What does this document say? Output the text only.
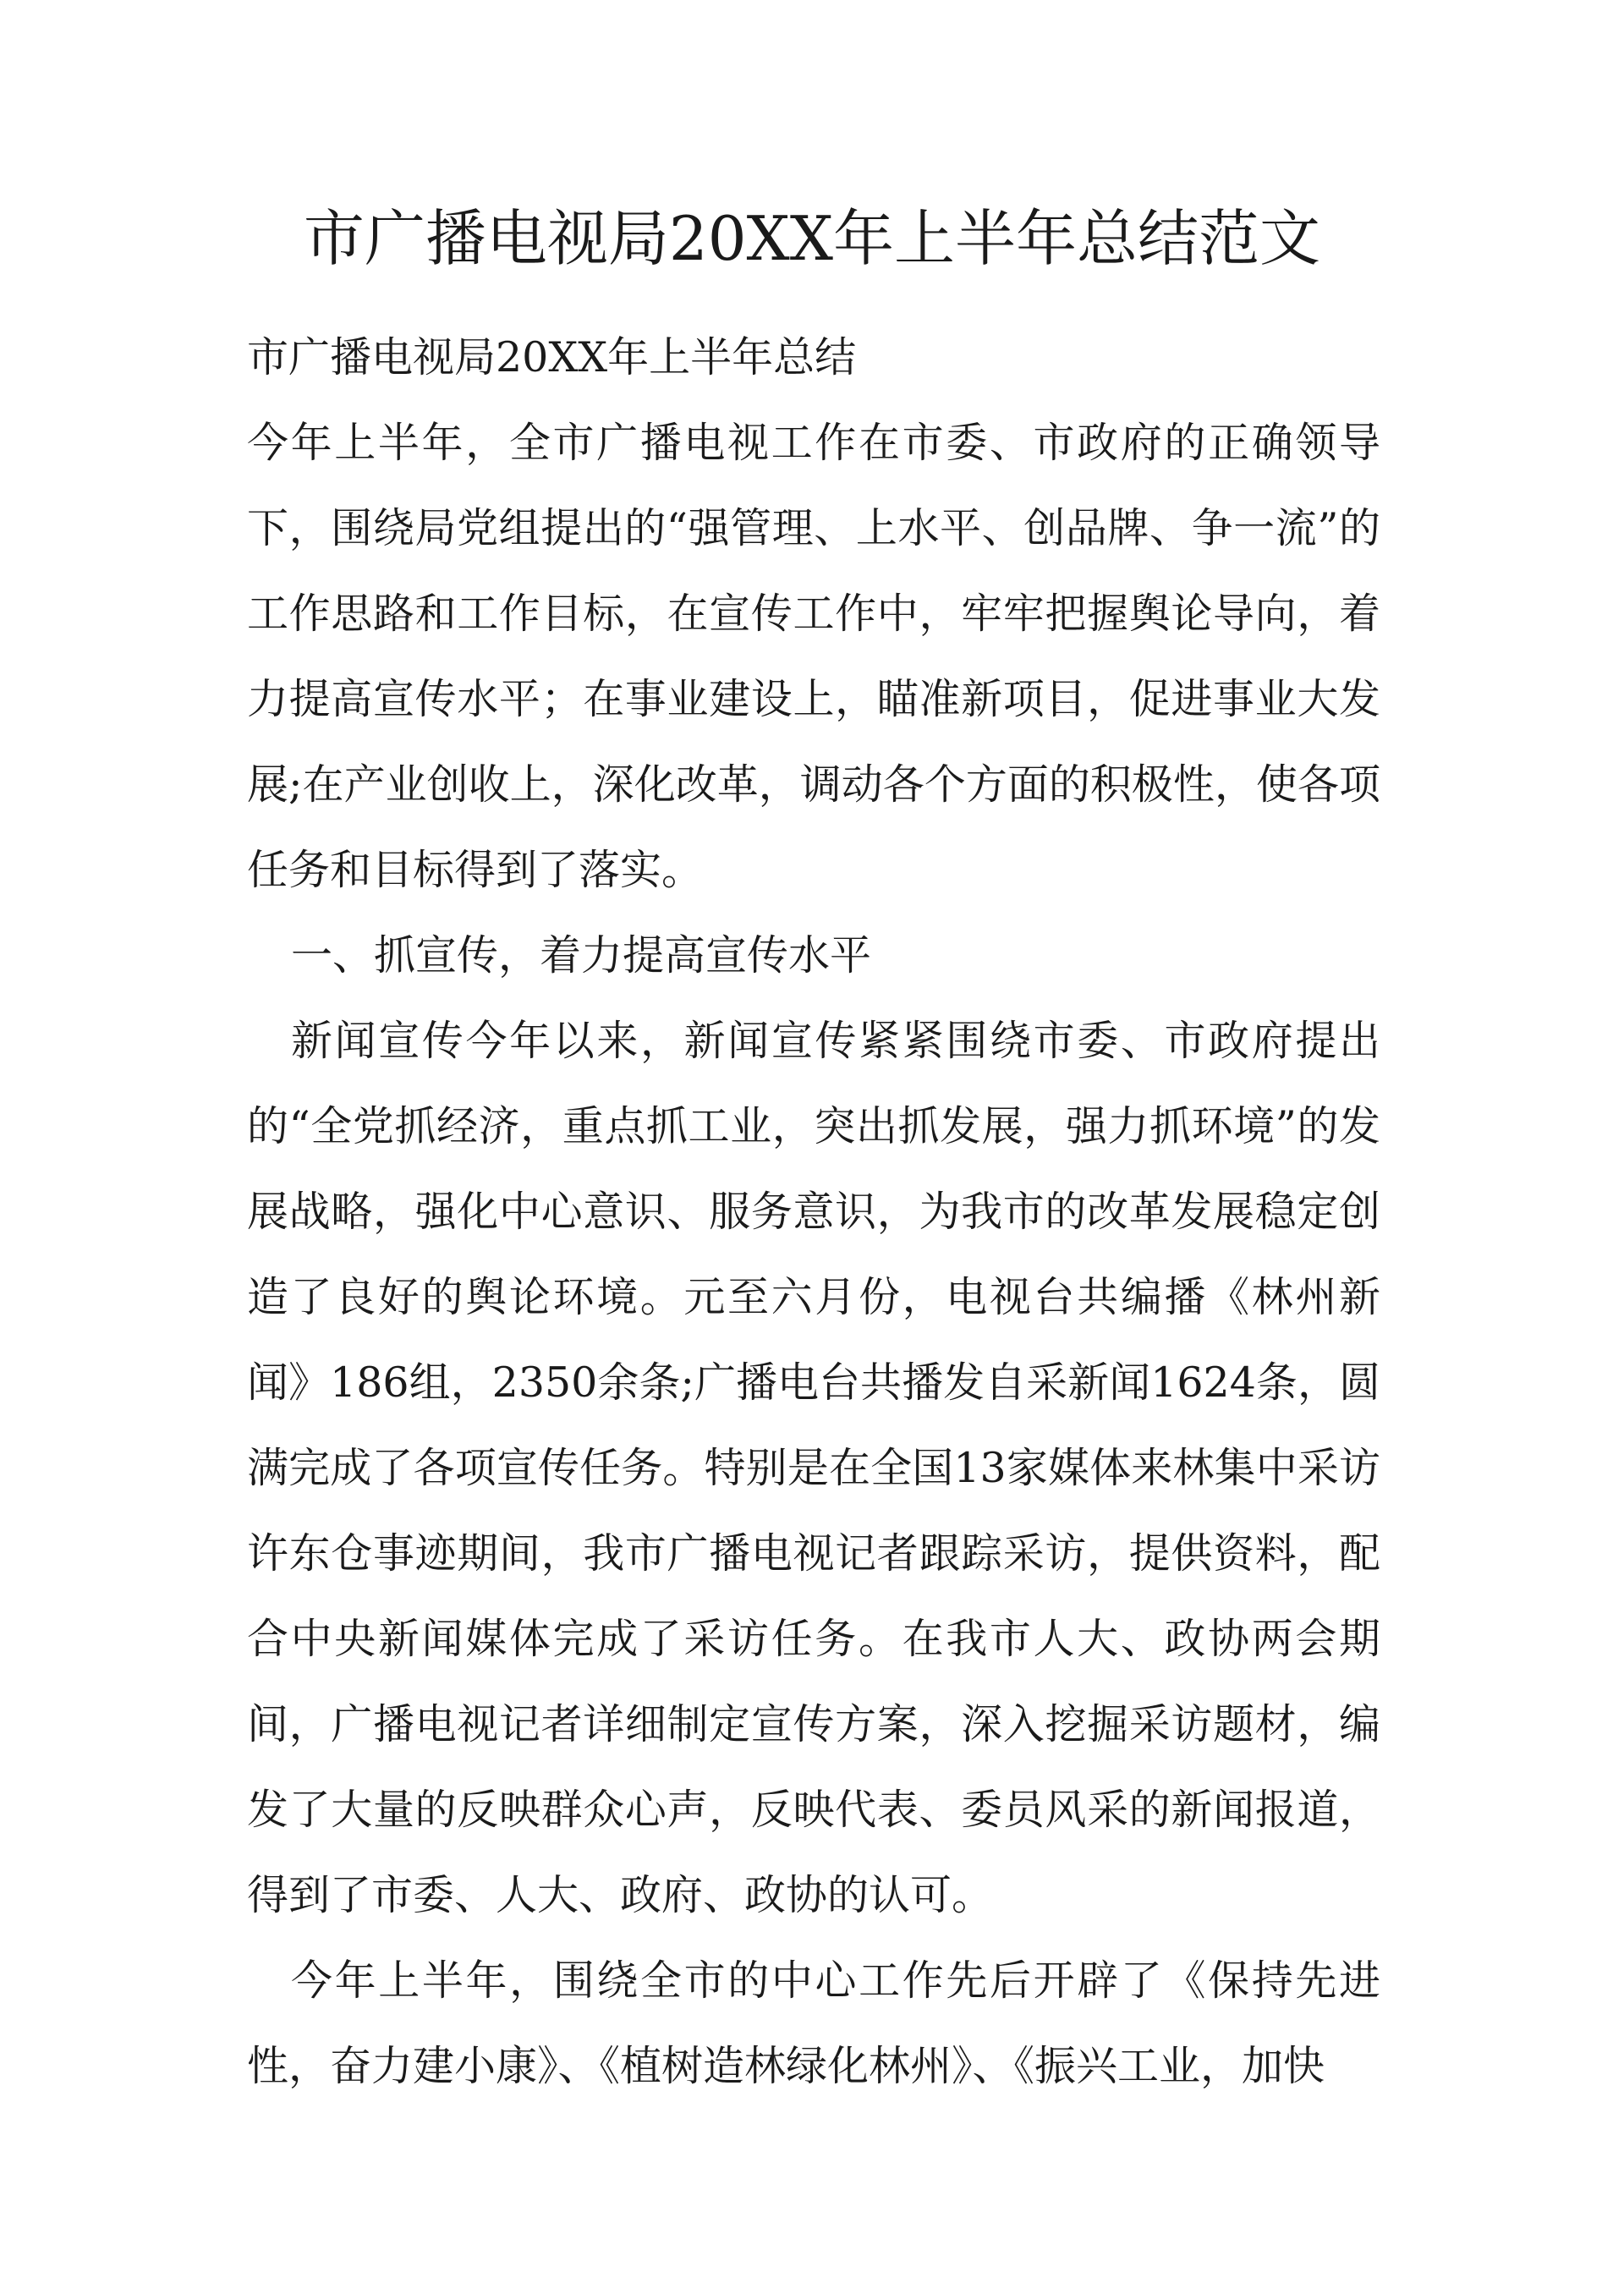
市广播电视局20XX年上半年总结范文

市广播电视局20XX年上半年总结

今年上半年，全市广播电视工作在市委、市政府的正确领导下，围绕局党组提出的“强管理、上水平、创品牌、争一流”的工作思路和工作目标，在宣传工作中，牢牢把握舆论导向，着力提高宣传水平；在事业建设上，瞄准新项目，促进事业大发展;在产业创收上，深化改革，调动各个方面的积极性，使各项任务和目标得到了落实。

一、抓宣传，着力提高宣传水平

新闻宣传今年以来，新闻宣传紧紧围绕市委、市政府提出的“全党抓经济，重点抓工业，突出抓发展，强力抓环境”的发展战略，强化中心意识、服务意识，为我市的改革发展稳定创造了良好的舆论环境。元至六月份，电视台共编播《林州新闻》186组，2350余条;广播电台共播发自采新闻1624条，圆满完成了各项宣传任务。特别是在全国13家媒体来林集中采访许东仓事迹期间，我市广播电视记者跟踪采访，提供资料，配合中央新闻媒体完成了采访任务。在我市人大、政协两会期间，广播电视记者详细制定宣传方案，深入挖掘采访题材，编发了大量的反映群众心声，反映代表、委员风采的新闻报道，得到了市委、人大、政府、政协的认可。

今年上半年，围绕全市的中心工作先后开辟了《保持先进性，奋力建小康》、《植树造林绿化林州》、《振兴工业，加快
